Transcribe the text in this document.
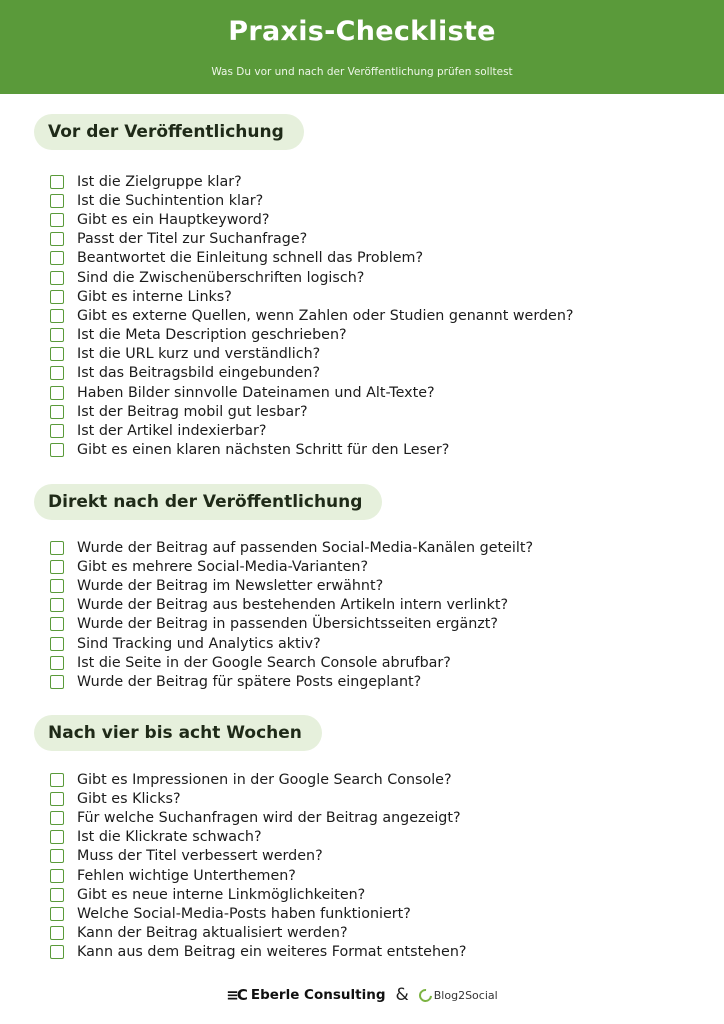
Praxis-Checkliste

Was Du vor und nach der Veröffentlichung prüfen solltest

Vor der Veröffentlichung
Ist die Zielgruppe klar?
Ist die Suchintention klar?
Gibt es ein Hauptkeyword?
Passt der Titel zur Suchanfrage?
Beantwortet die Einleitung schnell das Problem?
Sind die Zwischenüberschriften logisch?
Gibt es interne Links?
Gibt es externe Quellen, wenn Zahlen oder Studien genannt werden?
Ist die Meta Description geschrieben?
Ist die URL kurz und verständlich?
Ist das Beitragsbild eingebunden?
Haben Bilder sinnvolle Dateinamen und Alt-Texte?
Ist der Beitrag mobil gut lesbar?
Ist der Artikel indexierbar?
Gibt es einen klaren nächsten Schritt für den Leser?
Direkt nach der Veröffentlichung
Wurde der Beitrag auf passenden Social-Media-Kanälen geteilt?
Gibt es mehrere Social-Media-Varianten?
Wurde der Beitrag im Newsletter erwähnt?
Wurde der Beitrag aus bestehenden Artikeln intern verlinkt?
Wurde der Beitrag in passenden Übersichtsseiten ergänzt?
Sind Tracking und Analytics aktiv?
Ist die Seite in der Google Search Console abrufbar?
Wurde der Beitrag für spätere Posts eingeplant?
Nach vier bis acht Wochen
Gibt es Impressionen in der Google Search Console?
Gibt es Klicks?
Für welche Suchanfragen wird der Beitrag angezeigt?
Ist die Klickrate schwach?
Muss der Titel verbessert werden?
Fehlen wichtige Unterthemen?
Gibt es neue interne Linkmöglichkeiten?
Welche Social-Media-Posts haben funktioniert?
Kann der Beitrag aktualisiert werden?
Kann aus dem Beitrag ein weiteres Format entstehen?
≡C Eberle Consulting & Blog2Social
